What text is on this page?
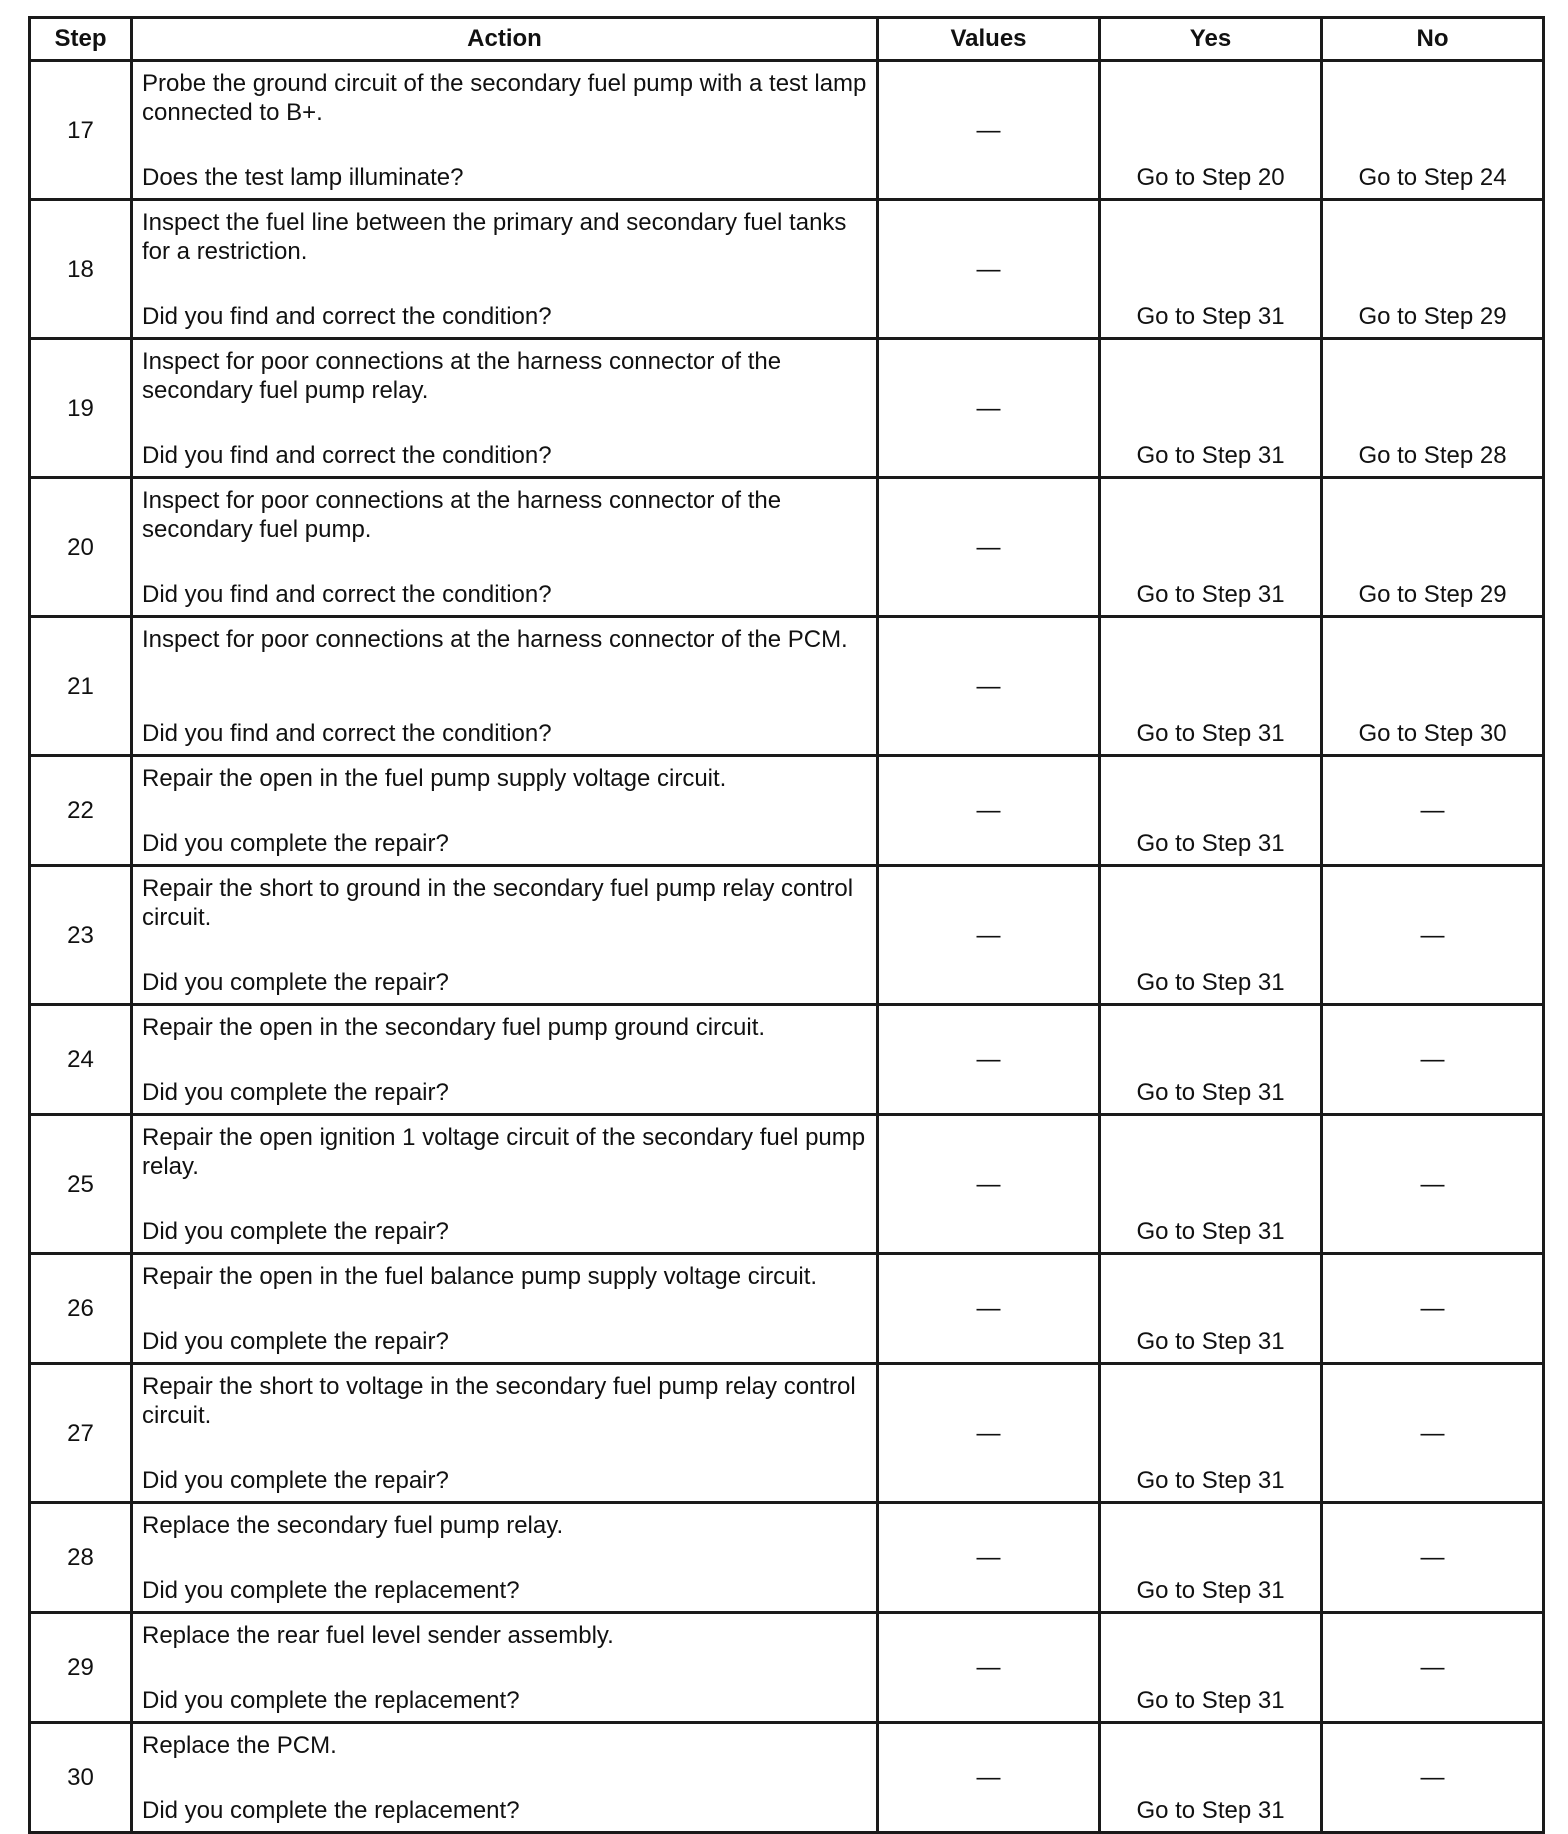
Step	Action	Values	Yes	No
17	Probe the ground circuit of the secondary fuel pump with a test lamp connected to B+.
Does the test lamp illuminate?	—	Go to Step 20	Go to Step 24
18	Inspect the fuel line between the primary and secondary fuel tanks for a restriction.
Did you find and correct the condition?	—	Go to Step 31	Go to Step 29
19	Inspect for poor connections at the harness connector of the secondary fuel pump relay.
Did you find and correct the condition?	—	Go to Step 31	Go to Step 28
20	Inspect for poor connections at the harness connector of the secondary fuel pump.
Did you find and correct the condition?	—	Go to Step 31	Go to Step 29
21	Inspect for poor connections at the harness connector of the PCM.
Did you find and correct the condition?	—	Go to Step 31	Go to Step 30
22	Repair the open in the fuel pump supply voltage circuit.
Did you complete the repair?	—	Go to Step 31	—
23	Repair the short to ground in the secondary fuel pump relay control circuit.
Did you complete the repair?	—	Go to Step 31	—
24	Repair the open in the secondary fuel pump ground circuit.
Did you complete the repair?	—	Go to Step 31	—
25	Repair the open ignition 1 voltage circuit of the secondary fuel pump relay.
Did you complete the repair?	—	Go to Step 31	—
26	Repair the open in the fuel balance pump supply voltage circuit.
Did you complete the repair?	—	Go to Step 31	—
27	Repair the short to voltage in the secondary fuel pump relay control circuit.
Did you complete the repair?	—	Go to Step 31	—
28	Replace the secondary fuel pump relay.
Did you complete the replacement?	—	Go to Step 31	—
29	Replace the rear fuel level sender assembly.
Did you complete the replacement?	—	Go to Step 31	—
30	Replace the PCM.
Did you complete the replacement?	—	Go to Step 31	—
